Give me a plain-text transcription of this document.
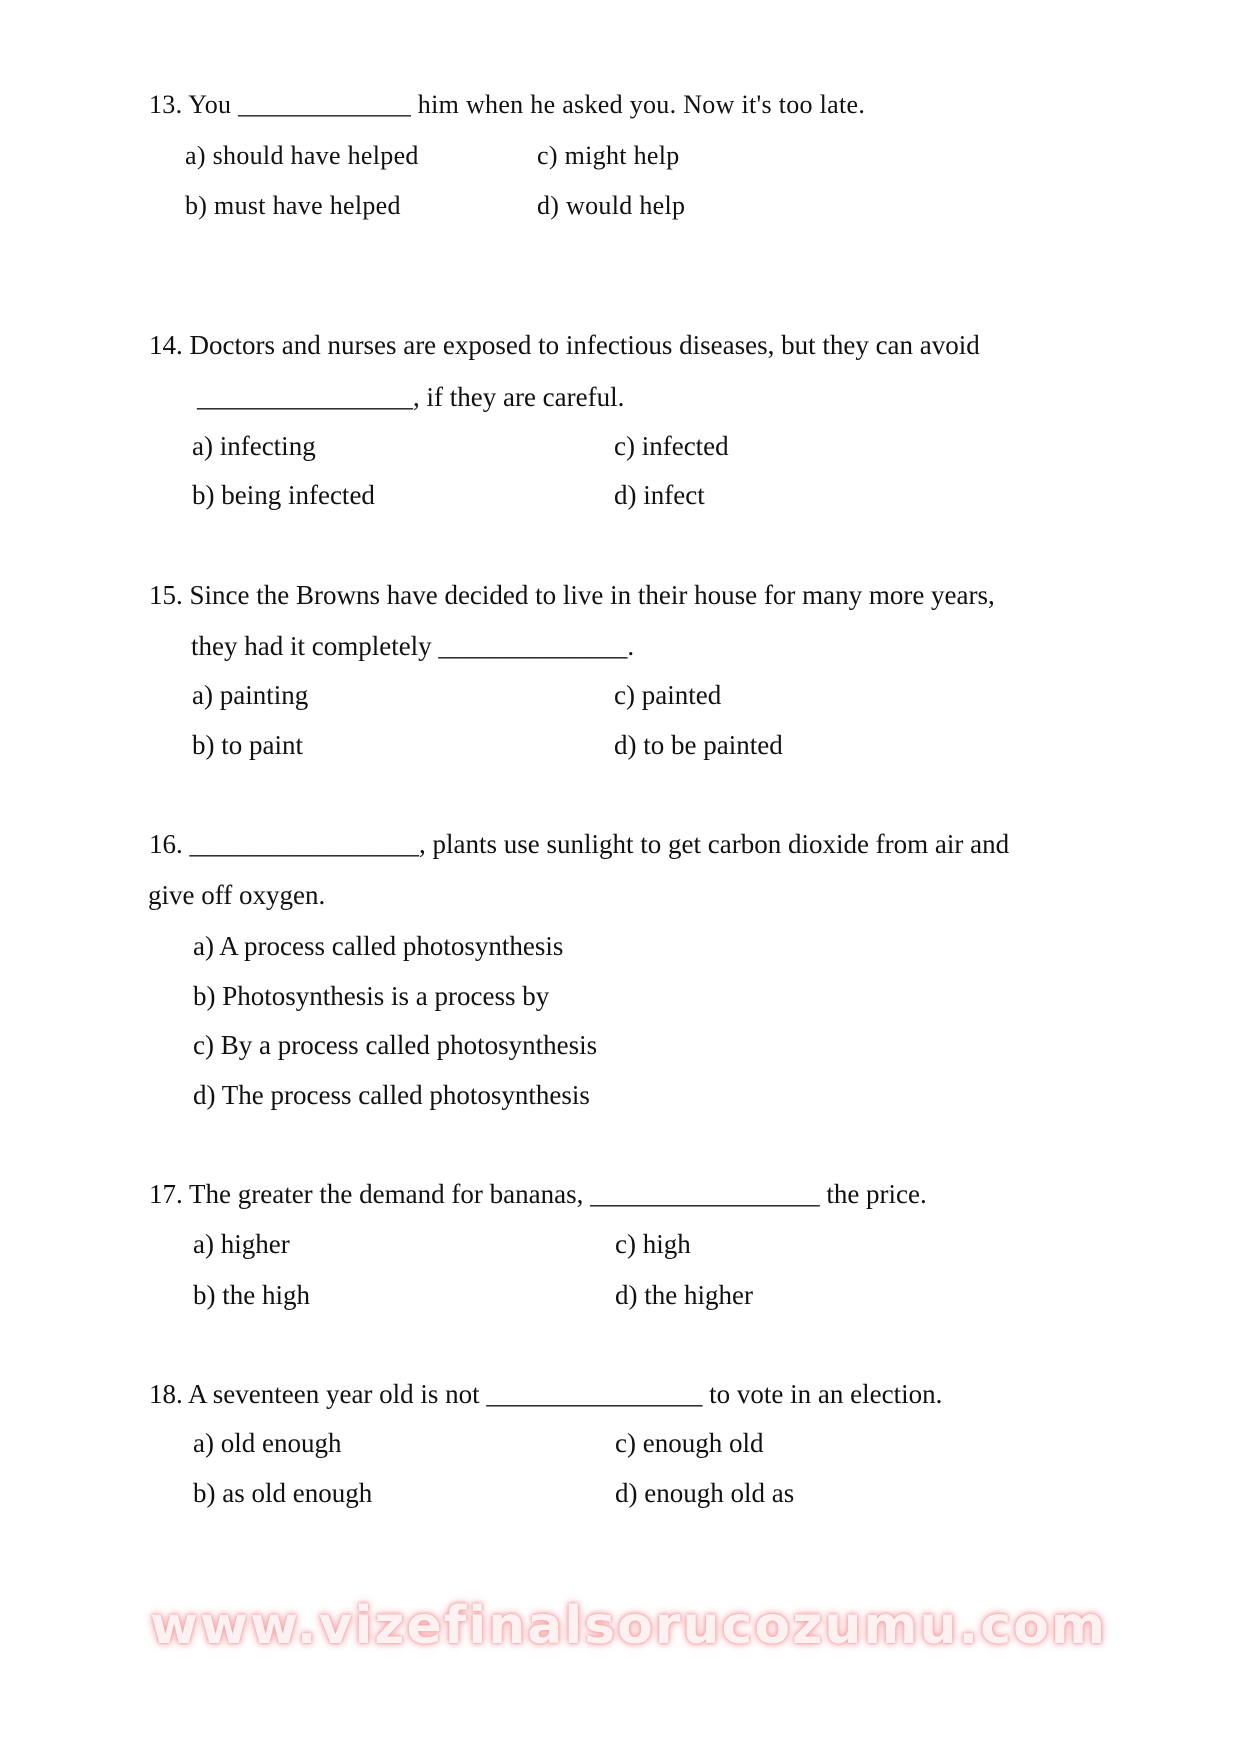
13. You _____________ him when he asked you. Now it's too late.
a) should have helped
b) must have helped
c) might help
d) would help
14. Doctors and nurses are exposed to infectious diseases, but they can avoid
________________, if they are careful.
a) infecting
b) being infected
c) infected
d) infect
15. Since the Browns have decided to live in their house for many more years,
they had it completely ______________.
a) painting
b) to paint
c) painted
d) to be painted
16. _________________, plants use sunlight to get carbon dioxide from air and
give off oxygen.
a) A process called photosynthesis
b) Photosynthesis is a process by
c) By a process called photosynthesis
d) The process called photosynthesis
17. The greater the demand for bananas, _________________ the price.
a) higher
b) the high
c) high
d) the higher
18. A seventeen year old is not ________________ to vote in an election.
a) old enough
b) as old enough
c) enough old
d) enough old as
www.vizefinalsorucozumu.com
